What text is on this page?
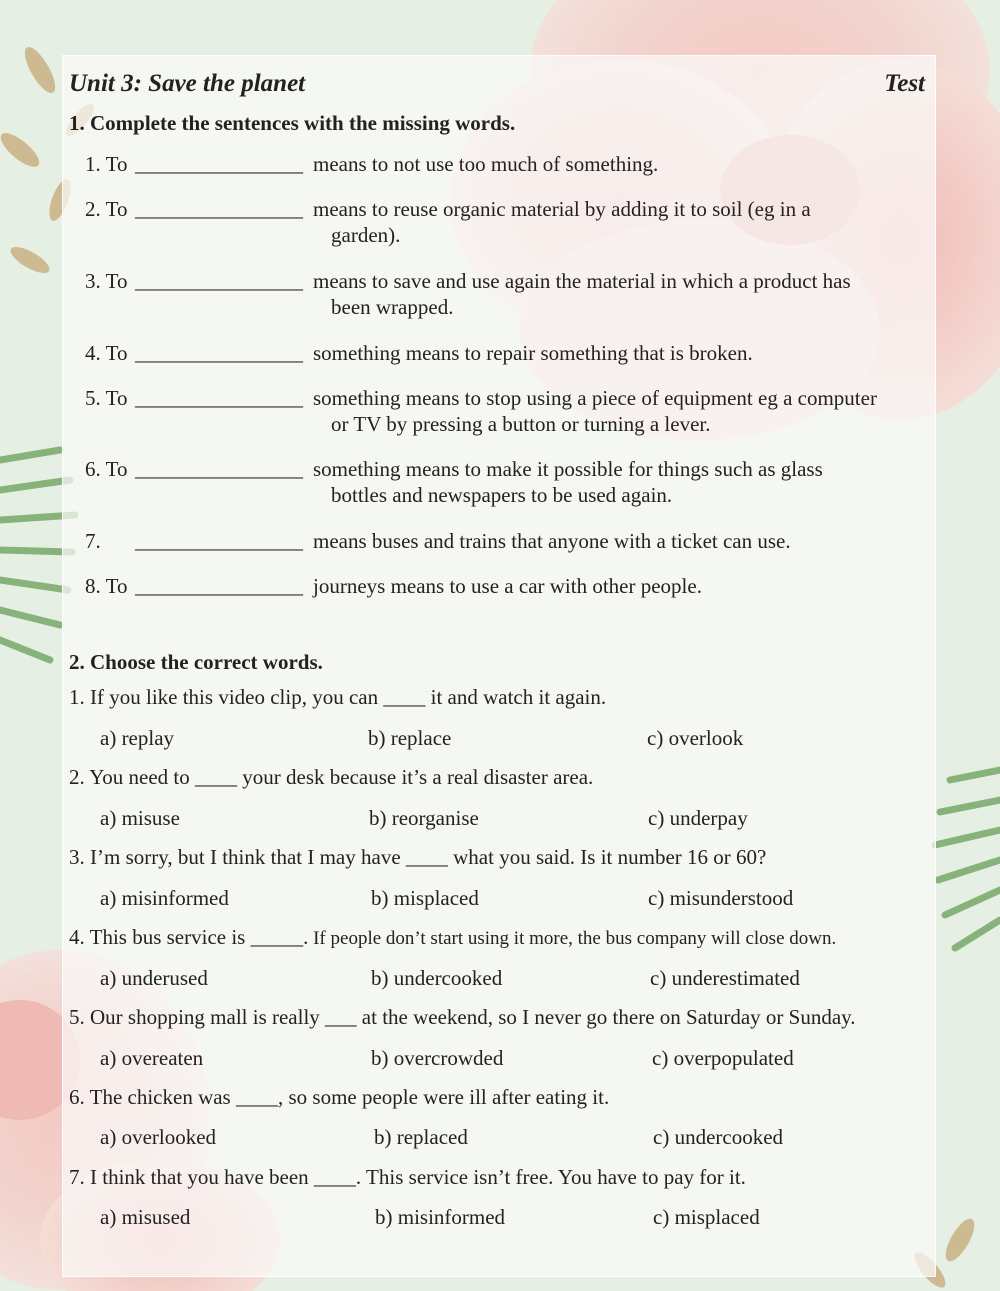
Unit 3: Save the planet	Test
1. Complete the sentences with the missing words.
1. To ________________ means to not use too much of something.
2. To ________________ means to reuse organic material by adding it to soil (eg in a
garden).
3. To ________________ means to save and use again the material in which a product has
been wrapped.
4. To ________________ something means to repair something that is broken.
5. To ________________ something means to stop using a piece of equipment eg a computer
or TV by pressing a button or turning a lever.
6. To ________________ something means to make it possible for things such as glass
bottles and newspapers to be used again.
7. ________________ means buses and trains that anyone with a ticket can use.
8. To ________________ journeys means to use a car with other people.
2. Choose the correct words.
1. If you like this video clip, you can ____ it and watch it again.
a) replay	b) replace	c) overlook
2. You need to ____ your desk because it’s a real disaster area.
a) misuse	b) reorganise	c) underpay
3. I’m sorry, but I think that I may have ____ what you said. Is it number 16 or 60?
a) misinformed	b) misplaced	c) misunderstood
4. This bus service is _____. If people don’t start using it more, the bus company will close down.
a) underused	b) undercooked	c) underestimated
5. Our shopping mall is really ___ at the weekend, so I never go there on Saturday or Sunday.
a) overeaten	b) overcrowded	c) overpopulated
6. The chicken was ____, so some people were ill after eating it.
a) overlooked	b) replaced	c) undercooked
7. I think that you have been ____. This service isn’t free. You have to pay for it.
a) misused	b) misinformed	c) misplaced
